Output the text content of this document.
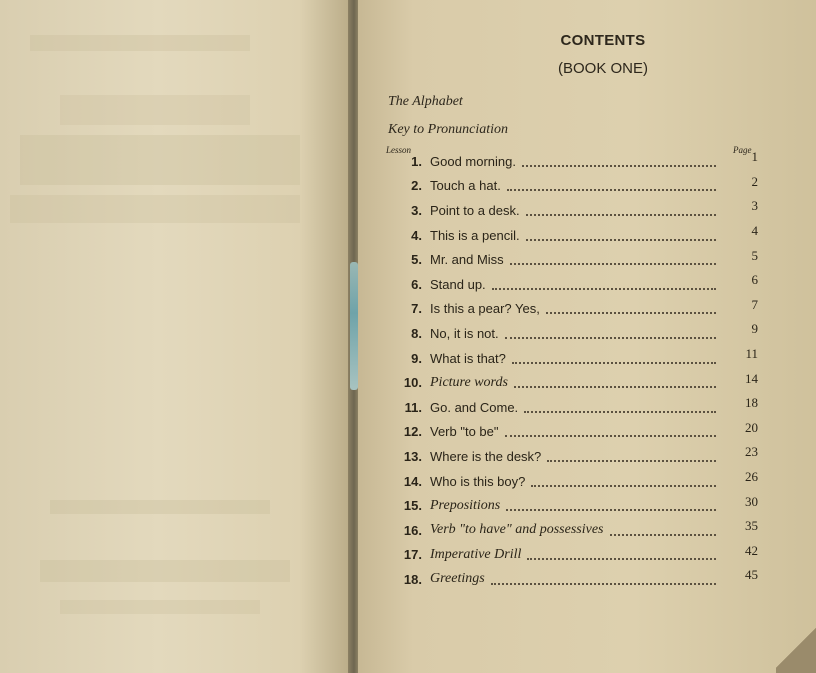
CONTENTS
(BOOK ONE)
The Alphabet
Key to Pronunciation
Lesson	Page
1. Good morning.	1
2. Touch a hat.	2
3. Point to a desk.	3
4. This is a pencil.	4
5. Mr. and Miss	5
6. Stand up.	6
7. Is this a pear? Yes,	7
8. No, it is not.	9
9. What is that?	11
10. Picture words	14
11. Go. and Come.	18
12. Verb "to be"	20
13. Where is the desk?	23
14. Who is this boy?	26
15. Prepositions	30
16. Verb "to have" and possessives	35
17. Imperative Drill	42
18. Greetings	45
